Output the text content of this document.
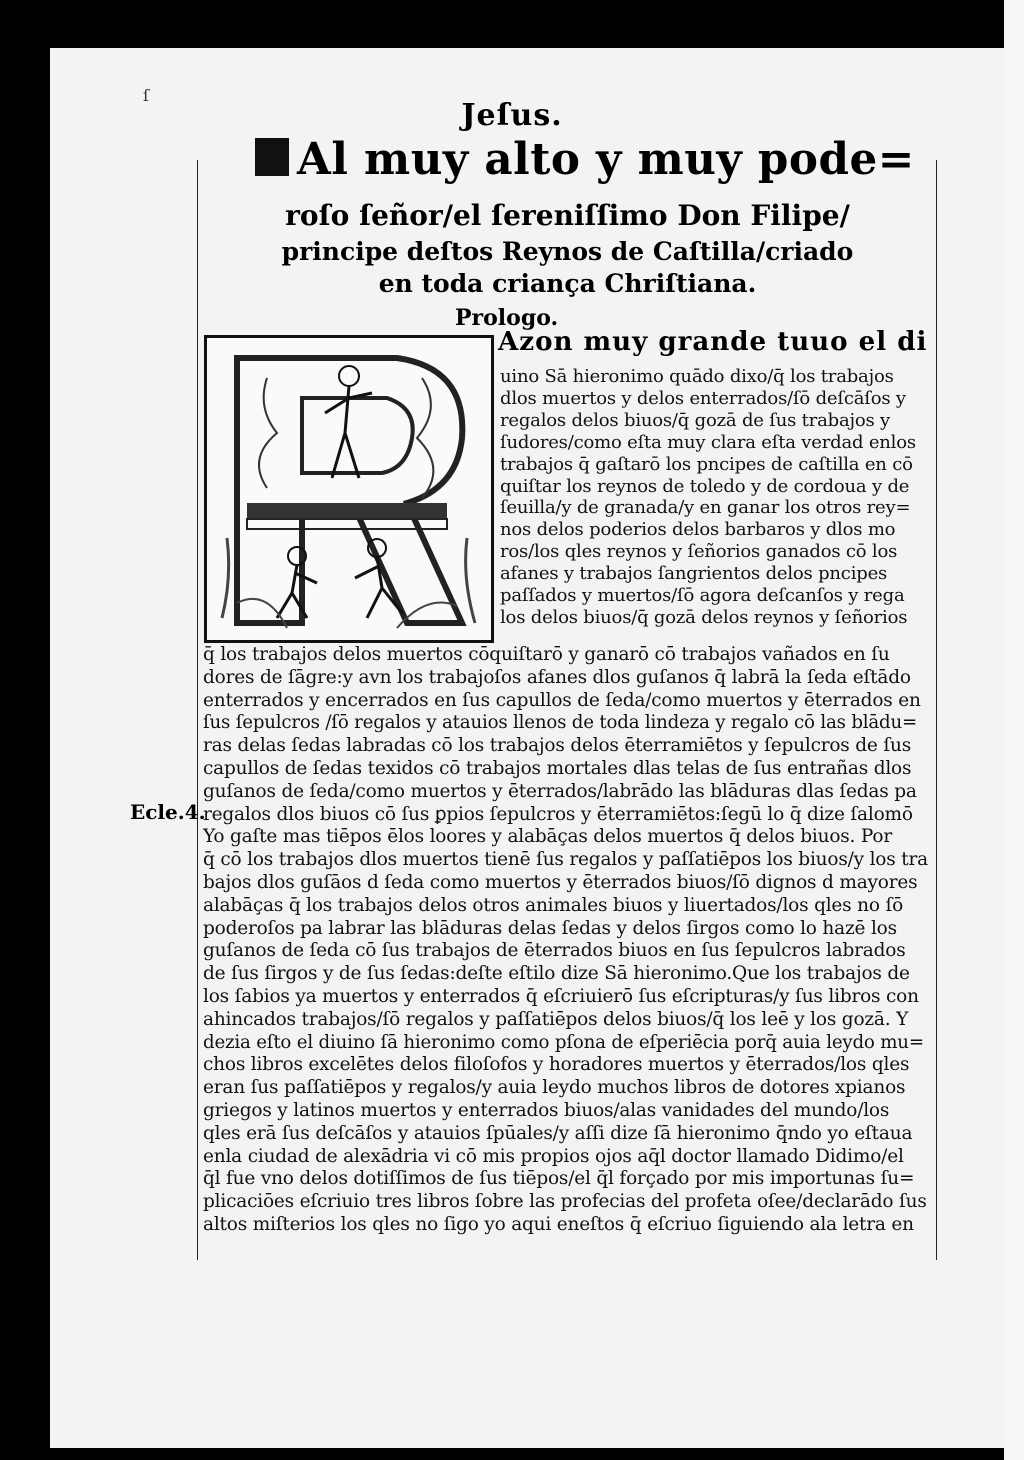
ſ
Jeſus.
Al muy alto y muy pode=
roſo ſeñor/el ſereniſſimo Don Filipe/
principe deſtos Reynos de Caſtilla/criado
en toda criança Chriſtiana.
Prologo.
Azon muy grande tuuo el di
uino Sā hieronimo quādo dixo/q̄ los trabajos
dlos muertos y delos enterrados/ſō deſcāſos y
regalos delos biuos/q̄ gozā de ſus trabajos y
ſudores/como eſta muy clara eſta verdad enlos
trabajos q̄ gaſtarō los pncipes de caſtilla en cō
quiſtar los reynos de toledo y de cordoua y de
ſeuilla/y de granada/y en ganar los otros rey=
nos delos poderios delos barbaros y dlos mo
ros/los qles reynos y ſeñorios ganados cō los
afanes y trabajos ſangrientos delos pncipes
paſſados y muertos/ſō agora deſcanſos y rega
los delos biuos/q̄ gozā delos reynos y ſeñorios
q̄ los trabajos delos muertos cōquiſtarō y ganarō cō trabajos vañados en ſu
dores de ſāgre:y avn los trabajoſos afanes dlos guſanos q̄ labrā la ſeda eſtādo
enterrados y encerrados en ſus capullos de ſeda/como muertos y ēterrados en
ſus ſepulcros /ſō regalos y atauios llenos de toda lindeza y regalo cō las blādu=
ras delas ſedas labradas cō los trabajos delos ēterramiētos y ſepulcros de ſus
capullos de ſedas texidos cō trabajos mortales dlas telas de ſus entrañas dlos
guſanos de ſeda/como muertos y ēterrados/labrādo las blāduras dlas ſedas pa
regalos dlos biuos cō ſus ꝑpios ſepulcros y ēterramiētos:ſegū lo q̄ dize ſalomō
Yo gaſte mas tiēpos ēlos loores y alabāças delos muertos q̄ delos biuos. Por
q̄ cō los trabajos dlos muertos tienē ſus regalos y paſſatiēpos los biuos/y los tra
bajos dlos guſāos d ſeda como muertos y ēterrados biuos/ſō dignos d mayores
alabāças q̄ los trabajos delos otros animales biuos y liuertados/los qles no ſō
poderoſos pa labrar las blāduras delas ſedas y delos ſirgos como lo hazē los
guſanos de ſeda cō ſus trabajos de ēterrados biuos en ſus ſepulcros labrados
de ſus ſirgos y de ſus ſedas:deſte eſtilo dize Sā hieronimo.Que los trabajos de
los ſabios ya muertos y enterrados q̄ eſcriuierō ſus eſcripturas/y ſus libros con
ahincados trabajos/ſō regalos y paſſatiēpos delos biuos/q̄ los leē y los gozā. Y
dezia eſto el diuino ſā hieronimo como pſona de eſperiēcia porq̄ auia leydo mu=
chos libros excelētes delos filoſofos y horadores muertos y ēterrados/los qles
eran ſus paſſatiēpos y regalos/y auia leydo muchos libros de dotores xpianos
griegos y latinos muertos y enterrados biuos/alas vanidades del mundo/los
qles erā ſus deſcāſos y atauios ſpūales/y aſſi dize ſā hieronimo q̄ndo yo eſtaua
enla ciudad de alexādria vi cō mis propios ojos aq̄l doctor llamado Didimo/el
q̄l fue vno delos dotiſſimos de ſus tiēpos/el q̄l forçado por mis importunas ſu=
plicaciōes eſcriuio tres libros ſobre las profecias del profeta oſee/declarādo ſus
altos miſterios los qles no ſigo yo aqui eneſtos q̄ eſcriuo ſiguiendo ala letra en
Ecle.4.
